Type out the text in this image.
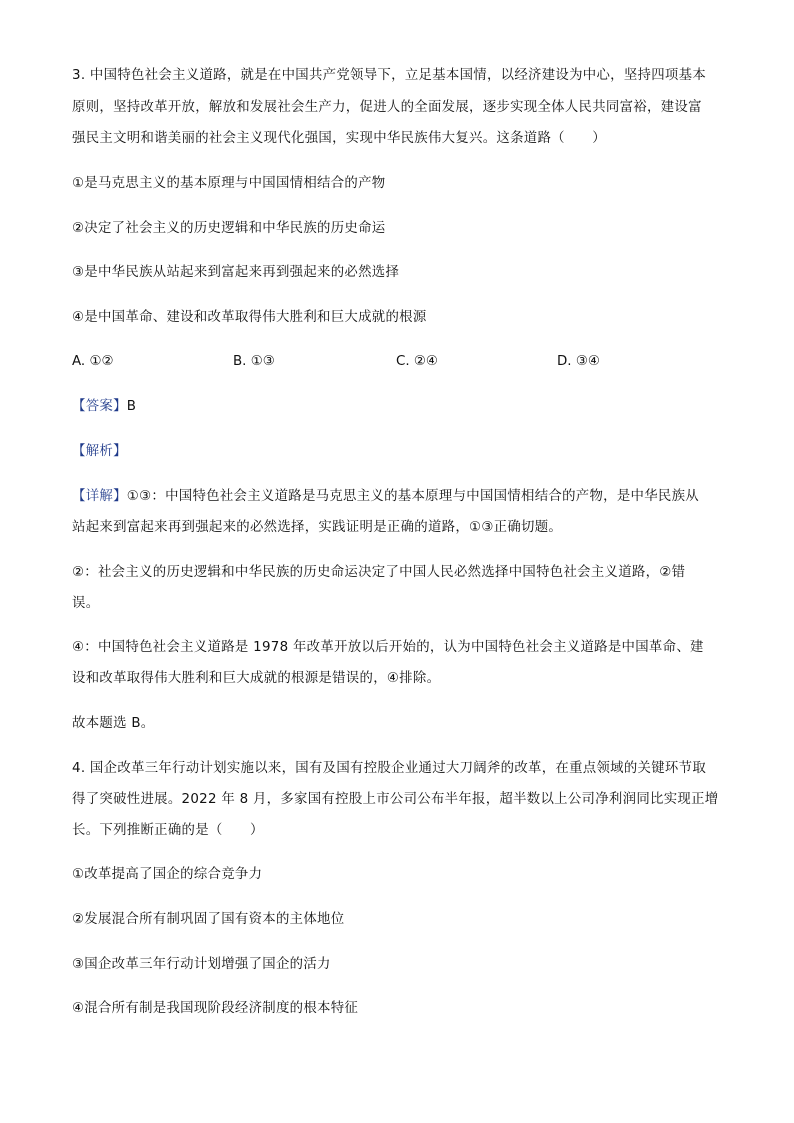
3. 中国特色社会主义道路，就是在中国共产党领导下，立足基本国情，以经济建设为中心，坚持四项基本
原则，坚持改革开放，解放和发展社会生产力，促进人的全面发展，逐步实现全体人民共同富裕，建设富
强民主文明和谐美丽的社会主义现代化强国，实现中华民族伟大复兴。这条道路（　　）
①是马克思主义的基本原理与中国国情相结合的产物
②决定了社会主义的历史逻辑和中华民族的历史命运
③是中华民族从站起来到富起来再到强起来的必然选择
④是中国革命、建设和改革取得伟大胜利和巨大成就的根源
A. ①②	B. ①③	C. ②④	D. ③④
【答案】B
【解析】
【详解】①③：中国特色社会主义道路是马克思主义的基本原理与中国国情相结合的产物，是中华民族从
站起来到富起来再到强起来的必然选择，实践证明是正确的道路，①③正确切题。
②：社会主义的历史逻辑和中华民族的历史命运决定了中国人民必然选择中国特色社会主义道路，②错
误。
④：中国特色社会主义道路是 1978 年改革开放以后开始的，认为中国特色社会主义道路是中国革命、建
设和改革取得伟大胜利和巨大成就的根源是错误的，④排除。
故本题选 B。
4. 国企改革三年行动计划实施以来，国有及国有控股企业通过大刀阔斧的改革，在重点领域的关键环节取
得了突破性进展。2022 年 8 月，多家国有控股上市公司公布半年报，超半数以上公司净利润同比实现正增
长。下列推断正确的是（　　）
①改革提高了国企的综合竞争力
②发展混合所有制巩固了国有资本的主体地位
③国企改革三年行动计划增强了国企的活力
④混合所有制是我国现阶段经济制度的根本特征
